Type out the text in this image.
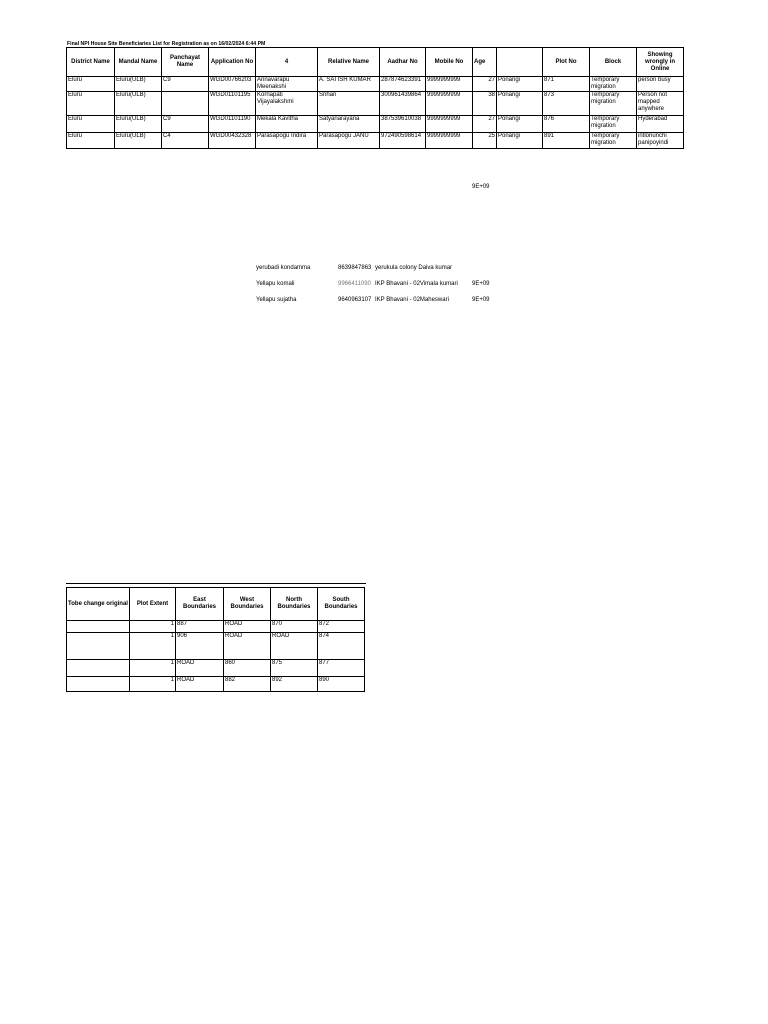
Final NPI House Site Beneficiaries List for Registration as on 16/02/2024 6:44 PM
District Name	Mandal Name	Panchayat Name	Application No	4	Relative Name	Aadhar No	Mobile No	Age		Plot No	Block	Showing wrongly in Online
Eluru	Eluru(ULB)	C9	WGD00766203	Annavarapu Meenakshi	A. SATISH KUMAR	287874623391	9999999999	27	Ponangi	871	Temporary migration	person busy
Eluru	Eluru(ULB)		WGD01101195	Kornapati Vijayalakshmi	Srihari	300961439864	9999999999	38	Ponangi	873	Temporary migration	Person not mapped anywhere
Eluru	Eluru(ULB)	C9	WGD01101190	Mekala Kavitha	Satyanarayana	387539610038	9999999999	27	Ponangi	876	Temporary migration	Hyderabad
Eluru	Eluru(ULB)	C4	WGD00432328	Parasapogu Indira	Parasapogu JANU	972490598614	9999999999	25	Ponangi	891	Temporary migration	intlonunchi panipoyindi
9E+09
yerubadi kondamma	8639847863 yerukula colony Daiva kumar
Yellapu komali	9966411090 IKP Bhavani - 02Vimala kumari 9E+09
Yellapu sujatha	9640963107 IKP Bhavani - 02Maheswari	9E+09
Tobe change original	Plot Extent	East Boundaries	West Boundaries	North Boundaries	South Boundaries
	1	887	ROAD	870	872
	1	906	ROAD	ROAD	874
	1	ROAD	860	875	877
	1	ROAD	882	892	890
